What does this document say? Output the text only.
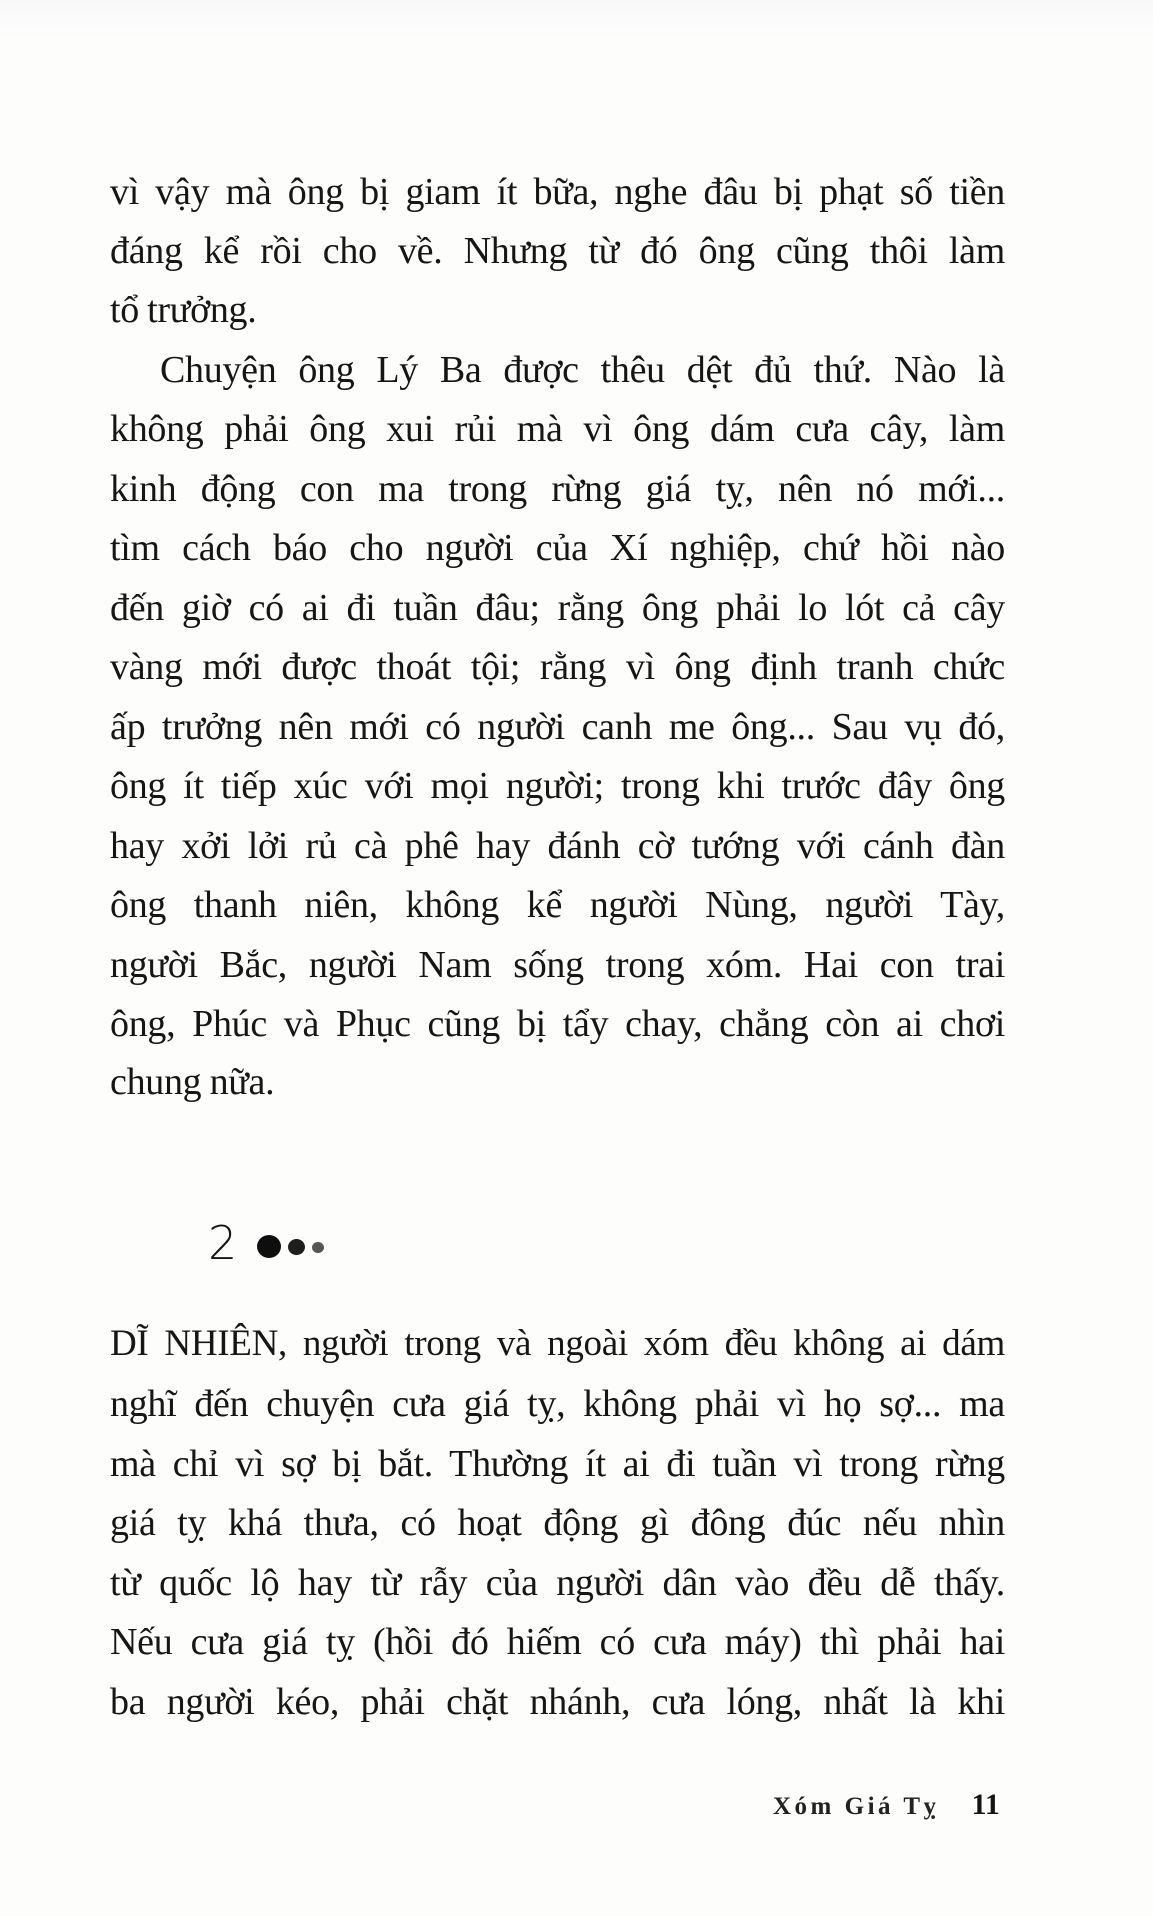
vì vậy mà ông bị giam ít bữa, nghe đâu bị phạt số tiền
đáng kể rồi cho về. Nhưng từ đó ông cũng thôi làm
tổ trưởng.
Chuyện ông Lý Ba được thêu dệt đủ thứ. Nào là
không phải ông xui rủi mà vì ông dám cưa cây, làm
kinh động con ma trong rừng giá tỵ, nên nó mới...
tìm cách báo cho người của Xí nghiệp, chứ hồi nào
đến giờ có ai đi tuần đâu; rằng ông phải lo lót cả cây
vàng mới được thoát tội; rằng vì ông định tranh chức
ấp trưởng nên mới có người canh me ông... Sau vụ đó,
ông ít tiếp xúc với mọi người; trong khi trước đây ông
hay xởi lởi rủ cà phê hay đánh cờ tướng với cánh đàn
ông thanh niên, không kể người Nùng, người Tày,
người Bắc, người Nam sống trong xóm. Hai con trai
ông, Phúc và Phục cũng bị tẩy chay, chẳng còn ai chơi
chung nữa.
2
DĨ NHIÊN, người trong và ngoài xóm đều không ai dám
nghĩ đến chuyện cưa giá tỵ, không phải vì họ sợ... ma
mà chỉ vì sợ bị bắt. Thường ít ai đi tuần vì trong rừng
giá tỵ khá thưa, có hoạt động gì đông đúc nếu nhìn
từ quốc lộ hay từ rẫy của người dân vào đều dễ thấy.
Nếu cưa giá tỵ (hồi đó hiếm có cưa máy) thì phải hai
ba người kéo, phải chặt nhánh, cưa lóng, nhất là khi
Xóm Giá Tỵ 11
